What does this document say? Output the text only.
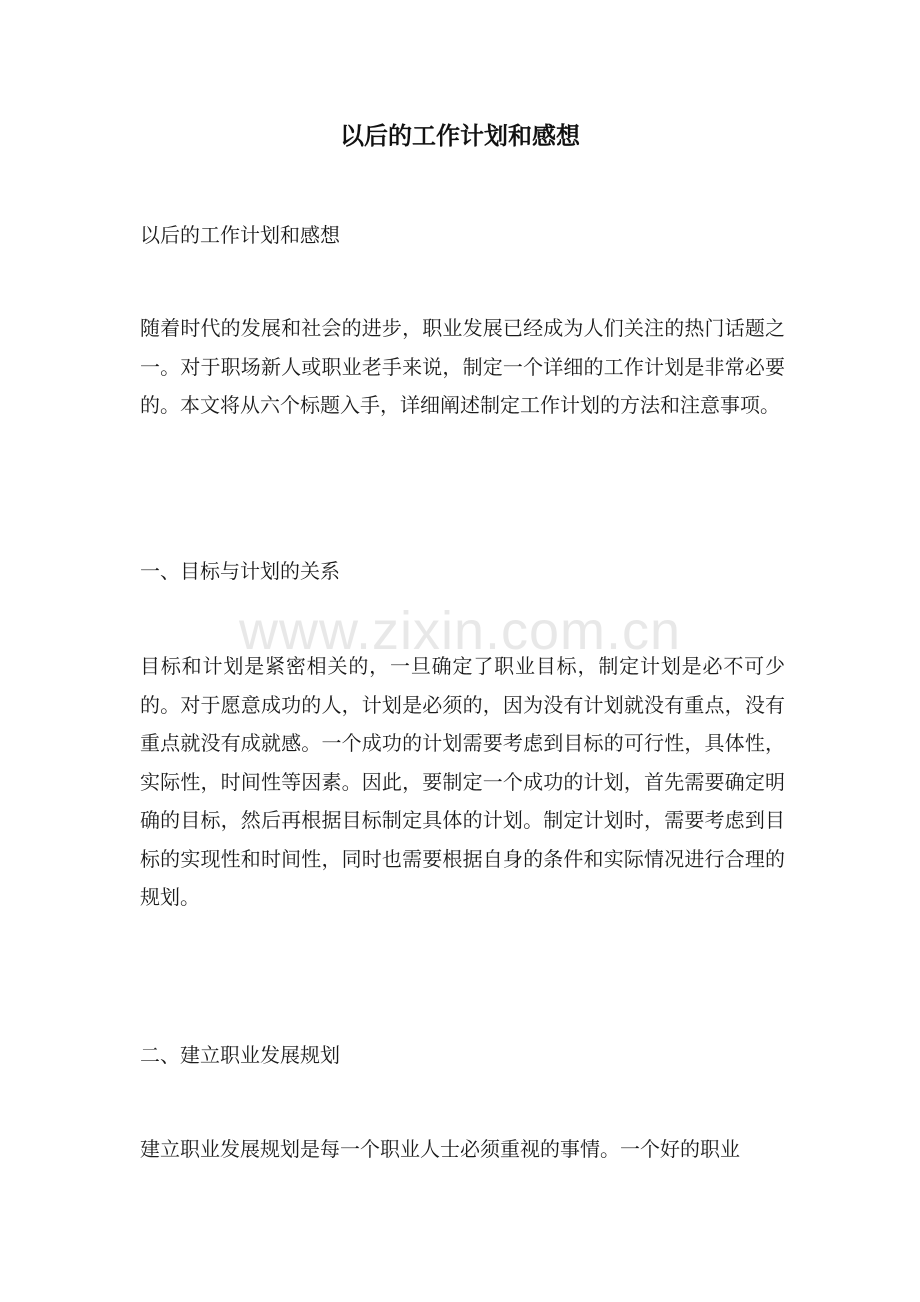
以后的工作计划和感想

以后的工作计划和感想

随着时代的发展和社会的进步，职业发展已经成为人们关注的热门话题之一。对于职场新人或职业老手来说，制定一个详细的工作计划是非常必要的。本文将从六个标题入手，详细阐述制定工作计划的方法和注意事项。

一、目标与计划的关系

目标和计划是紧密相关的，一旦确定了职业目标，制定计划是必不可少的。对于愿意成功的人，计划是必须的，因为没有计划就没有重点，没有重点就没有成就感。一个成功的计划需要考虑到目标的可行性，具体性，实际性，时间性等因素。因此，要制定一个成功的计划，首先需要确定明确的目标，然后再根据目标制定具体的计划。制定计划时，需要考虑到目标的实现性和时间性，同时也需要根据自身的条件和实际情况进行合理的规划。

二、建立职业发展规划

建立职业发展规划是每一个职业人士必须重视的事情。一个好的职业

www.zixin.com.cn
